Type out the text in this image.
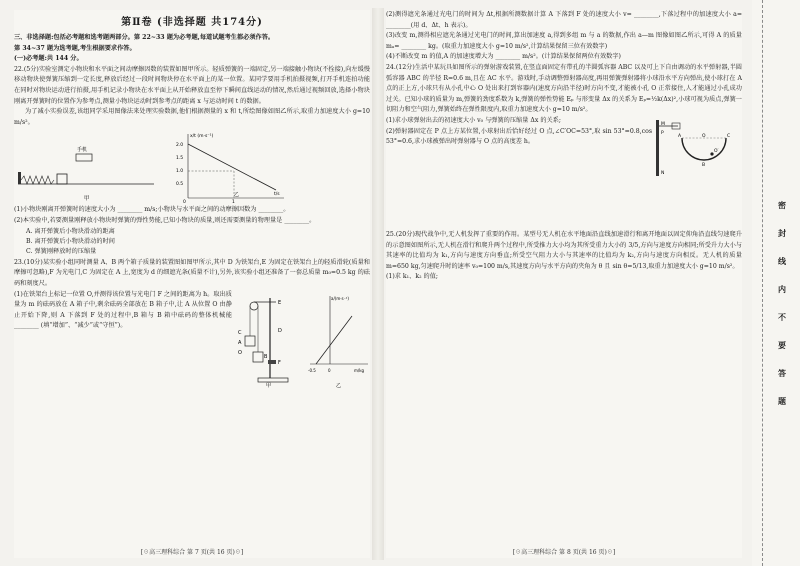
第Ⅱ卷 (非选择题 共174分)
三、非选择题:包括必考题和选考题两部分。第 22~33 题为必考题,每道试题考生都必须作答。
第 34~37 题为选考题,考生根据要求作答。
(一)必考题:共 144 分。
22.(5分)实验室测定小物块和水平面之间动摩擦因数的装置如图甲所示。轻质弹簧的一端固定,另一端接触小物块(不拴接),向左缓慢移动物块使弹簧压缩到一定长度,释放后经过一段时间物块停在水平面上的某一位置。某同学要用手机拍摄视频,打开手机连拍功能在同时对物块运动进行拍摄,用手机记录小物块在水平面上从开始释放直至停下瞬间直线运动的情况,然后通过视频回放,选择小物块刚离开弹簧时的位置作为参考点,测量小物块运动时到参考点的距离 x 与运动时间 t 的数据。
为了减小实验误差,该组同学采用图像法来处理实验数据,他们根据测量的 x 和 t,所绘图像如图乙所示,取重力加速度大小 g=10 m/s²。
手机
甲
x/t (m·s⁻¹)
t/s
2.0
1.5
1.0
0.5
0	1
乙
(1)小物块刚离开弹簧时的速度大小为 ________ m/s;小物块与水平面之间的动摩擦因数为 ________。
(2)本实验中,若要测量刚释放小物块时弹簧的弹性势能,已知小物块的质量,则还需要测量的物理量是 ________。
A. 离开弹簧后小物块滑动的距离
B. 离开弹簧后小物块滑动的时间
C. 弹簧刚释放时的压缩量
23.(10分)某实验小组同时测量 A、B 两个箱子质量的装置图如图甲所示,其中 D 为铁架台,E 为固定在铁架台上的轻质滑轮(质量和摩擦可忽略),F 为光电门,C 为固定在 A 上,宽度为 d 的细遮光条(质量不计),另外,该实验小组还准备了一套总质量 m₀=0.5 kg 的砝码和刻度尺。
(1)在铁架台上标记一位置 O,并测得该位置与光电门 F 之间的距离为 h。取出质量为 m 的砝码放在 A 箱子中,剩余砝码全部放在 B 箱子中,让 A 从位置 O 由静止开始下降,则 A 下落到 F 处的过程中,B 箱与 B 箱中砝码的整体机械能 ________ (填“增加”、“减少”或“守恒”)。
E
D
F
C
A
B
O
甲
a/(m·s⁻²)
m/kg
-0.5	0
乙
[☉高三理科综合 第 7 页(共 16 页)☉]
(2)测得遮光条通过光电门的时间为 Δt,根据所测数据计算 A 下落到 F 处的速度大小 v= ________,下落过程中的加速度大小 a= ________(用 d、Δt、h 表示)。
(3)改变 m,测得相应遮光条通过光电门的时间,算出加速度 a,得到多组 m 与 a 的数据,作出 a—m 图像如图乙所示,可得 A 的质量 mₐ= ________ kg。(取重力加速度大小 g=10 m/s²,计算结果保留三位有效数字)
(4)不断改变 m 的值,A 的加速度增大为 ________ m/s²。(计算结果保留两位有效数字)
24.(12分)生活中某玩具如图所示的弹射游戏装置,在竖直面固定有带孔的半圆弧容器 ABC 以及可上下自由调动的水平弹射器,半圆弧容器 ABC 的半径 R=0.6 m,且在 AC 水平。游戏时,手动调整弹射器高度,再用弹簧弹射器将小球沿水平方向弹出,使小球打在 A 点的正上方,小球只有从小孔中心 O 处出来打到容器内(速度方向沿半径)时方向不变,才能被小孔 O 正常接住,人才能通过小孔成功过关。已知小球的质量为 m,弹簧的劲度系数为 k,弹簧的弹性势能 Eₚ 与形变量 Δx 的关系为 Eₚ=½k(Δx)²,小球可视为质点,弹簧一切阻力和空气阻力,弹簧始终在弹性限度内,取重力加速度大小 g=10 m/s²。
(1)求小球弹射出去的初速度大小 v₀ 与弹簧的压缩量 Δx 的关系;
(2)弹射器固定在 P 点上方某位置,小球射出后恰好经过 O 点,∠C′OC=53°,取 sin 53°=0.8,cos 53°=0.6,求小球被弹出时弹射器与 O 点的高度差 h。
M
P
A	O	C
O′
B
N
25.(20分)现代战争中,无人机发挥了重要的作用。某型号无人机在水平地面沿直线加速滑行和离开地面以固定仰角沿直线匀速爬升的示意图如图所示,无人机在滑行和爬升两个过程中,所受推力大小均为其所受重力大小的 3/5,方向与速度方向相同;所受升力大小与其速率的比值均为 k₁,方向与速度方向垂直;所受空气阻力大小与其速率的比值均为 k₂,方向与速度方向相反。无人机的质量 m=650 kg,匀速爬升时的速率 v₀=100 m/s,其速度方向与水平方向的夹角为 θ 且 sin θ=5/13,取重力加速度大小 g=10 m/s²。
(1)求 k₁、k₂ 的值;
[☉高三理科综合 第 8 页(共 16 页)☉]
密
封
线
内
不
要
答
题
